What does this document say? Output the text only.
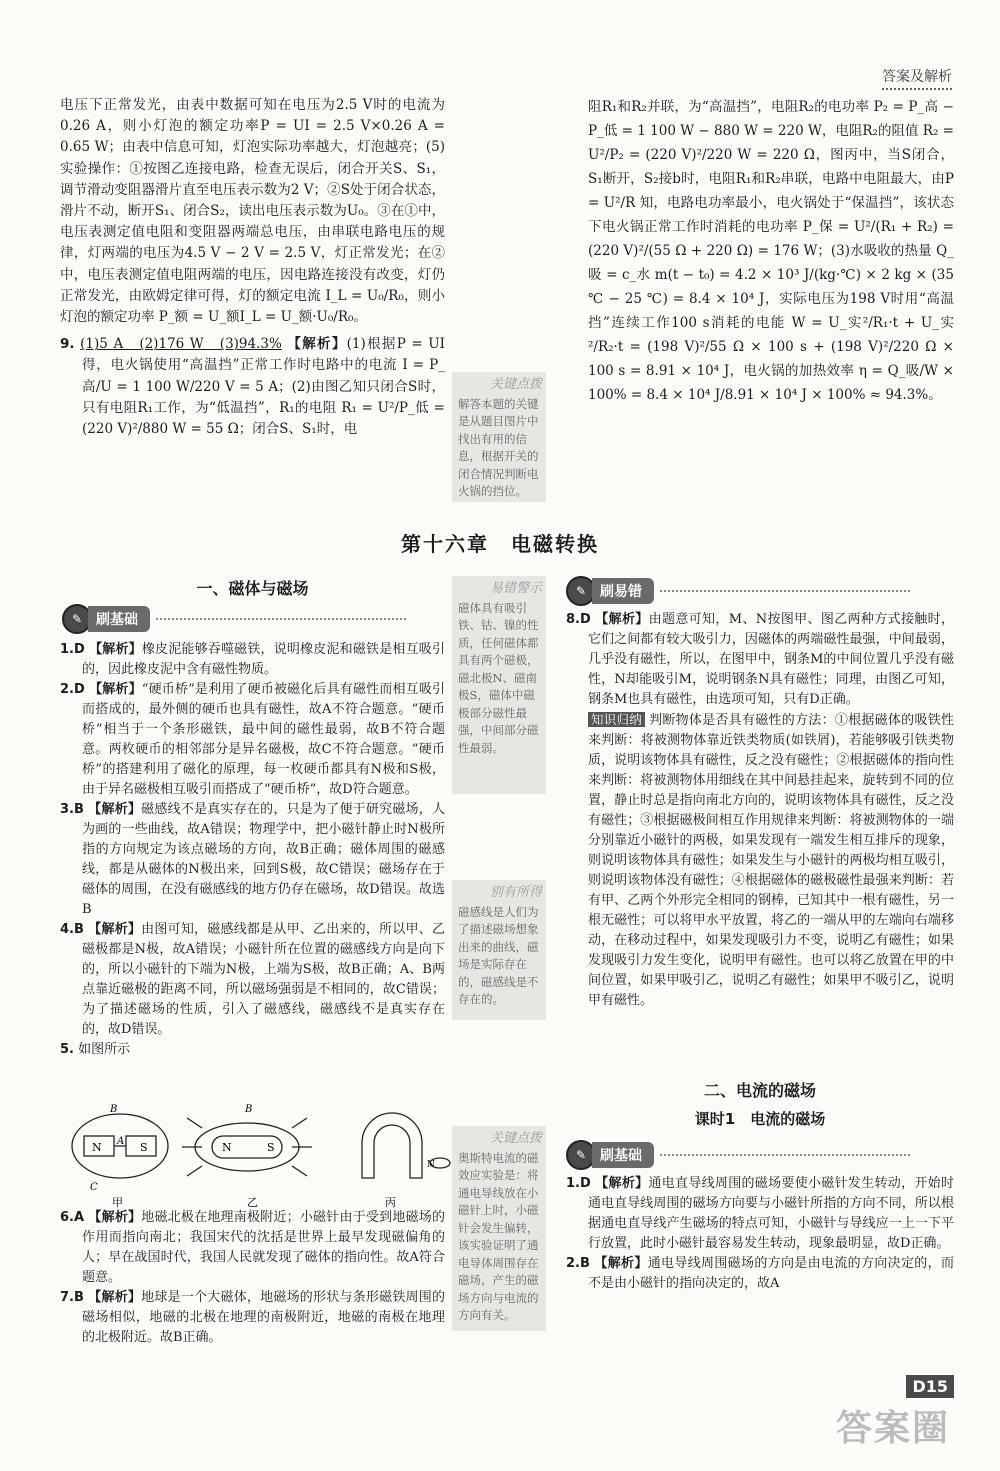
答案及解析

电压下正常发光，由表中数据可知在电压为2.5 V时的电流为0.26 A，则小灯泡的额定功率P = UI = 2.5 V×0.26 A = 0.65 W；由表中信息可知，灯泡实际功率越大，灯泡越亮；(5)实验操作：①按图乙连接电路，检查无误后，闭合开关S、S₁，调节滑动变阻器滑片直至电压表示数为2 V；②S处于闭合状态，滑片不动，断开S₁、闭合S₂，读出电压表示数为U₀。③在①中，电压表测定值电阻和变阻器两端总电压，由串联电路电压的规律，灯两端的电压为4.5 V − 2 V = 2.5 V，灯正常发光；在②中，电压表测定值电阻两端的电压，因电路连接没有改变，灯仍正常发光，由欧姆定律可得，灯的额定电流 I_L = U₀/R₀，则小灯泡的额定功率 P_额 = U_额I_L = U_额·U₀/R₀。

9. (1)5 A　(2)176 W　(3)94.3% 【解析】(1)根据P = UI得，电火锅使用“高温挡”正常工作时电路中的电流 I = P_高/U = 1 100 W/220 V = 5 A；(2)由图乙知只闭合S时，只有电阻R₁工作，为“低温挡”，R₁的电阻 R₁ = U²/P_低 = (220 V)²/880 W = 55 Ω；闭合S、S₁时，电

关键点拨
解答本题的关键是从题目图片中找出有用的信息，根据开关的闭合情况判断电火锅的挡位。

阻R₁和R₂并联，为“高温挡”，电阻R₂的电功率 P₂ = P_高 − P_低 = 1 100 W − 880 W = 220 W，电阻R₂的阻值 R₂ = U²/P₂ = (220 V)²/220 W = 220 Ω，图丙中，当S闭合，S₁断开，S₂接b时，电阻R₁和R₂串联，电路中电阻最大，由P = U²/R 知，电路电功率最小，电火锅处于“保温挡”，该状态下电火锅正常工作时消耗的电功率 P_保 = U²/(R₁ + R₂) = (220 V)²/(55 Ω + 220 Ω) = 176 W；(3)水吸收的热量 Q_吸 = c_水 m(t − t₀) = 4.2 × 10³ J/(kg·℃) × 2 kg × (35 ℃ − 25 ℃) = 8.4 × 10⁴ J，实际电压为198 V时用“高温挡”连续工作100 s消耗的电能 W = U_实²/R₁·t + U_实²/R₂·t = (198 V)²/55 Ω × 100 s + (198 V)²/220 Ω × 100 s = 8.91 × 10⁴ J，电火锅的加热效率 η = Q_吸/W × 100% = 8.4 × 10⁴ J/8.91 × 10⁴ J × 100% ≈ 94.3%。

第十六章　电磁转换
一、磁体与磁场
✎ 刷基础

1.D 【解析】橡皮泥能够吞噬磁铁，说明橡皮泥和磁铁是相互吸引的，因此橡皮泥中含有磁性物质。

2.D 【解析】“硬币桥”是利用了硬币被磁化后具有磁性而相互吸引而搭成的，最外侧的硬币也具有磁性，故A不符合题意。“硬币桥”相当于一个条形磁铁，最中间的磁性最弱，故B不符合题意。两枚硬币的相邻部分是异名磁极，故C不符合题意。“硬币桥”的搭建利用了磁化的原理，每一枚硬币都具有N极和S极，由于异名磁极相互吸引而搭成了“硬币桥”，故D符合题意。

3.B 【解析】磁感线不是真实存在的，只是为了便于研究磁场，人为画的一些曲线，故A错误；物理学中，把小磁针静止时N极所指的方向规定为该点磁场的方向，故B正确；磁体周围的磁感线，都是从磁体的N极出来，回到S极，故C错误；磁场存在于磁体的周围，在没有磁感线的地方仍存在磁场，故D错误。故选B

4.B 【解析】由图可知，磁感线都是从甲、乙出来的，所以甲、乙磁极都是N极，故A错误；小磁针所在位置的磁感线方向是向下的，所以小磁针的下端为N极，上端为S极，故B正确；A、B两点靠近磁极的距离不同，所以磁场强弱是不相同的，故C错误；为了描述磁场的性质，引入了磁感线，磁感线不是真实存在的，故D错误。

5. 如图所示

N	S
A
B
C
甲
N	S
B
乙
N
丙

6.A 【解析】地磁北极在地理南极附近；小磁针由于受到地磁场的作用而指向南北；我国宋代的沈括是世界上最早发现磁偏角的人；早在战国时代，我国人民就发现了磁体的指向性。故A符合题意。

7.B 【解析】地球是一个大磁体，地磁场的形状与条形磁铁周围的磁场相似，地磁的北极在地理的南极附近，地磁的南极在地理的北极附近。故B正确。

易错警示
磁体具有吸引铁、钴、镍的性质，任何磁体都具有两个磁极，磁北极N、磁南极S，磁体中磁极部分磁性最强，中间部分磁性最弱。
别有所得
磁感线是人们为了描述磁场想象出来的曲线，磁场是实际存在的，磁感线是不存在的。
关键点拨
奥斯特电流的磁效应实验是：将通电导线放在小磁针上时，小磁针会发生偏转，该实验证明了通电导体周围存在磁场，产生的磁场方向与电流的方向有关。
✎ 刷易错

8.D 【解析】由题意可知，M、N按图甲、图乙两种方式接触时，它们之间都有较大吸引力，因磁体的两端磁性最强，中间最弱，几乎没有磁性，所以，在图甲中，钢条M的中间位置几乎没有磁性，N却能吸引M，说明钢条N具有磁性；同理，由图乙可知，钢条M也具有磁性，由选项可知，只有D正确。

知识归纳 判断物体是否具有磁性的方法：①根据磁体的吸铁性来判断：将被测物体靠近铁类物质(如铁屑)，若能够吸引铁类物质，说明该物体具有磁性，反之没有磁性；②根据磁体的指向性来判断：将被测物体用细线在其中间悬挂起来，旋转到不同的位置，静止时总是指向南北方向的，说明该物体具有磁性，反之没有磁性；③根据磁极间相互作用规律来判断：将被测物体的一端分别靠近小磁针的两极，如果发现有一端发生相互排斥的现象，则说明该物体具有磁性；如果发生与小磁针的两极均相互吸引，则说明该物体没有磁性；④根据磁体的磁极磁性最强来判断：若有甲、乙两个外形完全相同的钢棒，已知其中一根有磁性，另一根无磁性；可以将甲水平放置，将乙的一端从甲的左端向右端移动，在移动过程中，如果发现吸引力不变，说明乙有磁性；如果发现吸引力发生变化，说明甲有磁性。也可以将乙放置在甲的中间位置，如果甲吸引乙，说明乙有磁性；如果甲不吸引乙，说明甲有磁性。

二、电流的磁场
课时1　电流的磁场
✎ 刷基础

1.D 【解析】通电直导线周围的磁场要使小磁针发生转动，开始时通电直导线周围的磁场方向要与小磁针所指的方向不同，所以根据通电直导线产生磁场的特点可知，小磁针与导线应一上一下平行放置，此时小磁针最容易发生转动，现象最明显，故D正确。

2.B 【解析】通电导线周围磁场的方向是由电流的方向决定的，而不是由小磁针的指向决定的，故A

D15
答案圈
